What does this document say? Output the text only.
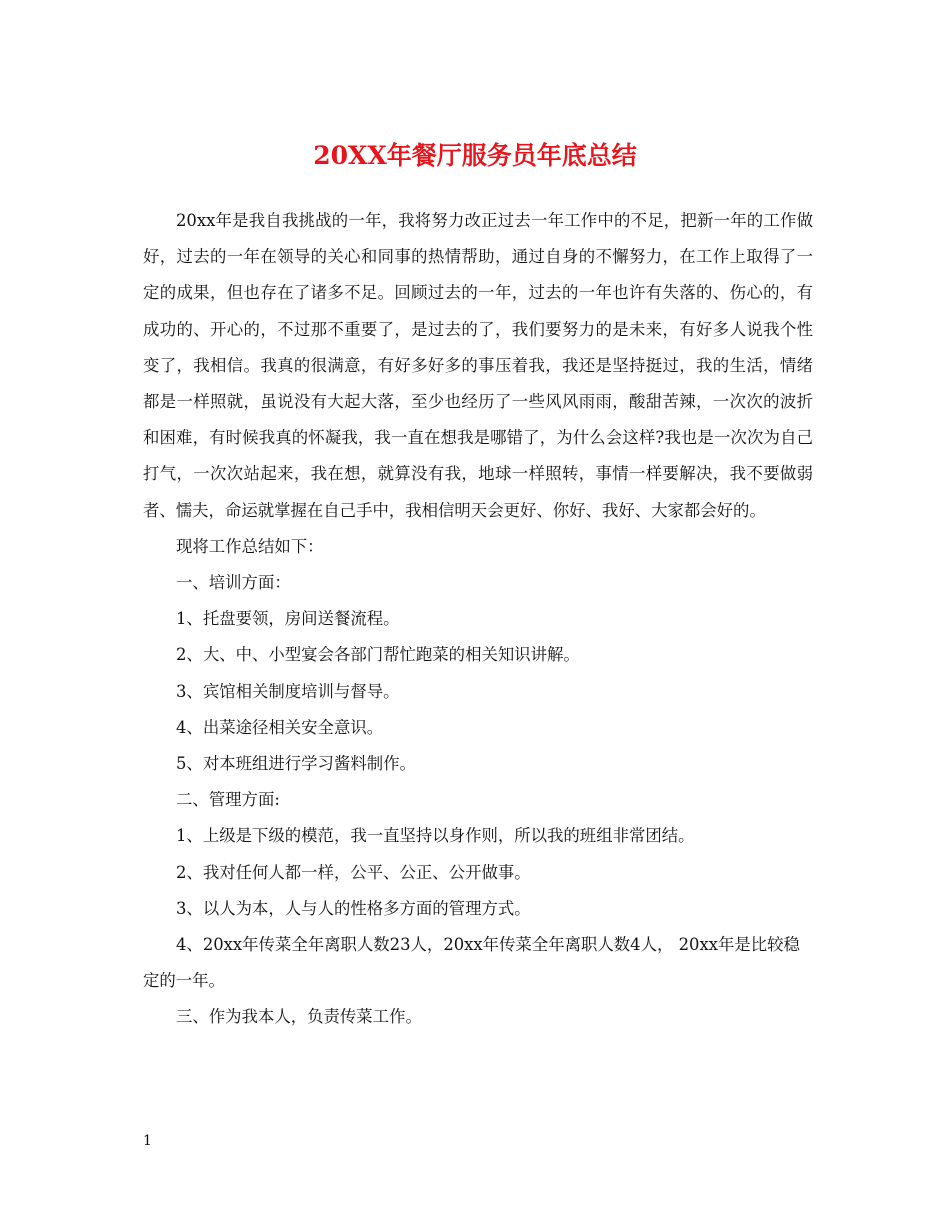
20XX年餐厅服务员年底总结

20xx年是我自我挑战的一年，我将努力改正过去一年工作中的不足，把新一年的工作做好，过去的一年在领导的关心和同事的热情帮助，通过自身的不懈努力，在工作上取得了一定的成果，但也存在了诸多不足。回顾过去的一年，过去的一年也许有失落的、伤心的，有成功的、开心的，不过那不重要了，是过去的了，我们要努力的是未来，有好多人说我个性变了，我相信。我真的很满意，有好多好多的事压着我，我还是坚持挺过，我的生活，情绪都是一样照就，虽说没有大起大落，至少也经历了一些风风雨雨，酸甜苦辣，一次次的波折和困难，有时候我真的怀凝我，我一直在想我是哪错了，为什么会这样?我也是一次次为自己打气，一次次站起来，我在想，就算没有我，地球一样照转，事情一样要解决，我不要做弱者、懦夫，命运就掌握在自己手中，我相信明天会更好、你好、我好、大家都会好的。

现将工作总结如下：

一、培训方面：

1、托盘要领，房间送餐流程。

2、大、中、小型宴会各部门帮忙跑菜的相关知识讲解。

3、宾馆相关制度培训与督导。

4、出菜途径相关安全意识。

5、对本班组进行学习酱料制作。

二、管理方面:

1、上级是下级的模范，我一直坚持以身作则，所以我的班组非常团结。

2、我对任何人都一样，公平、公正、公开做事。

3、以人为本，人与人的性格多方面的管理方式。

4、20xx年传菜全年离职人数23人，20xx年传菜全年离职人数4人， 20xx年是比较稳定的一年。

三、作为我本人，负责传菜工作。

1
